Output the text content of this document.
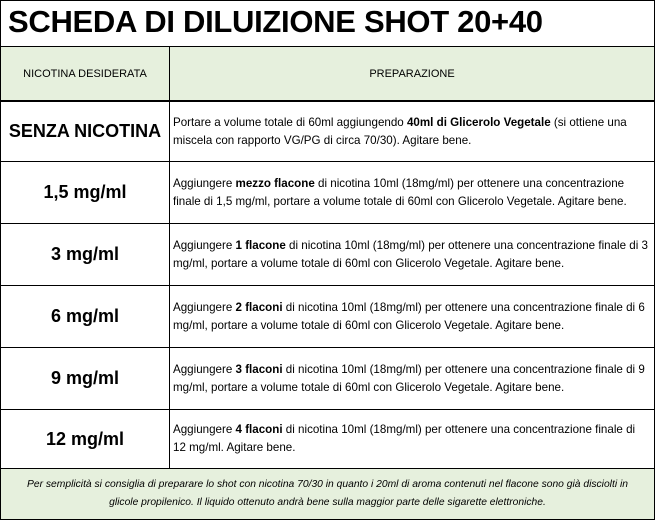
SCHEDA DI DILUIZIONE SHOT 20+40
NICOTINA DESIDERATA	PREPARAZIONE
SENZA NICOTINA	Portare a volume totale di 60ml aggiungendo 40ml di Glicerolo Vegetale (si ottiene una miscela con rapporto VG/PG di circa 70/30). Agitare bene.
1,5 mg/ml	Aggiungere mezzo flacone di nicotina 10ml (18mg/ml) per ottenere una concentrazione finale di 1,5 mg/ml, portare a volume totale di 60ml con Glicerolo Vegetale. Agitare bene.
3 mg/ml	Aggiungere 1 flacone di nicotina 10ml (18mg/ml) per ottenere una concentrazione finale di 3 mg/ml, portare a volume totale di 60ml con Glicerolo Vegetale. Agitare bene.
6 mg/ml	Aggiungere 2 flaconi di nicotina 10ml (18mg/ml) per ottenere una concentrazione finale di 6 mg/ml, portare a volume totale di 60ml con Glicerolo Vegetale. Agitare bene.
9 mg/ml	Aggiungere 3 flaconi di nicotina 10ml (18mg/ml) per ottenere una concentrazione finale di 9 mg/ml, portare a volume totale di 60ml con Glicerolo Vegetale. Agitare bene.
12 mg/ml	Aggiungere 4 flaconi di nicotina 10ml (18mg/ml) per ottenere una concentrazione finale di 12 mg/ml. Agitare bene.

Per semplicità si consiglia di preparare lo shot con nicotina 70/30 in quanto i 20ml di aroma contenuti nel flacone sono già disciolti in glicole propilenico. Il liquido ottenuto andrà bene sulla maggior parte delle sigarette elettroniche.
